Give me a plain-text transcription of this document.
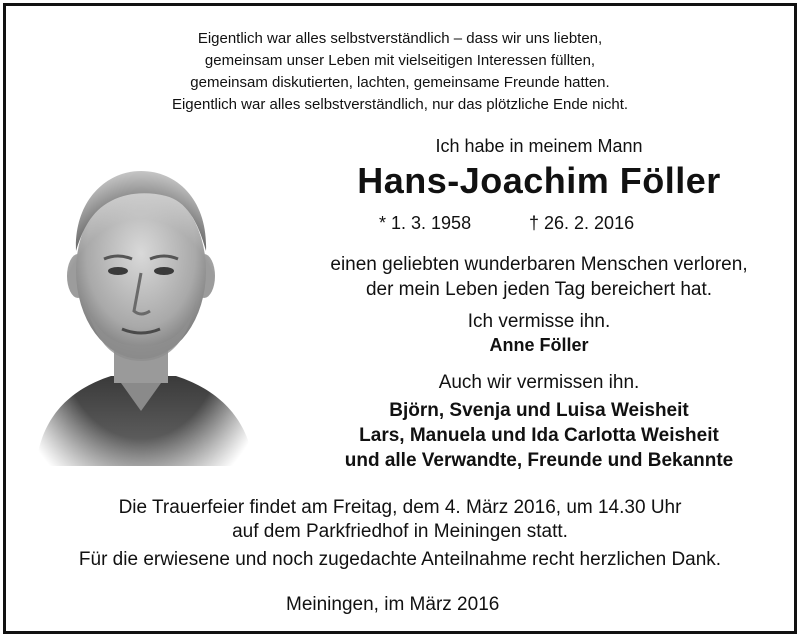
Eigentlich war alles selbstverständlich – dass wir uns liebten,
gemeinsam unser Leben mit vielseitigen Interessen füllten,
gemeinsam diskutierten, lachten, gemeinsame Freunde hatten.
Eigentlich war alles selbstverständlich, nur das plötzliche Ende nicht.
Ich habe in meinem Mann
Hans-Joachim Föller
* 1. 3. 1958	† 26. 2. 2016
einen geliebten wunderbaren Menschen verloren,
der mein Leben jeden Tag bereichert hat.
Ich vermisse ihn.
Anne Föller
Auch wir vermissen ihn.
Björn, Svenja und Luisa Weisheit
Lars, Manuela und Ida Carlotta Weisheit
und alle Verwandte, Freunde und Bekannte
Die Trauerfeier findet am Freitag, dem 4. März 2016, um 14.30 Uhr
auf dem Parkfriedhof in Meiningen statt.
Für die erwiesene und noch zugedachte Anteilnahme recht herzlichen Dank.
Meiningen, im März 2016
